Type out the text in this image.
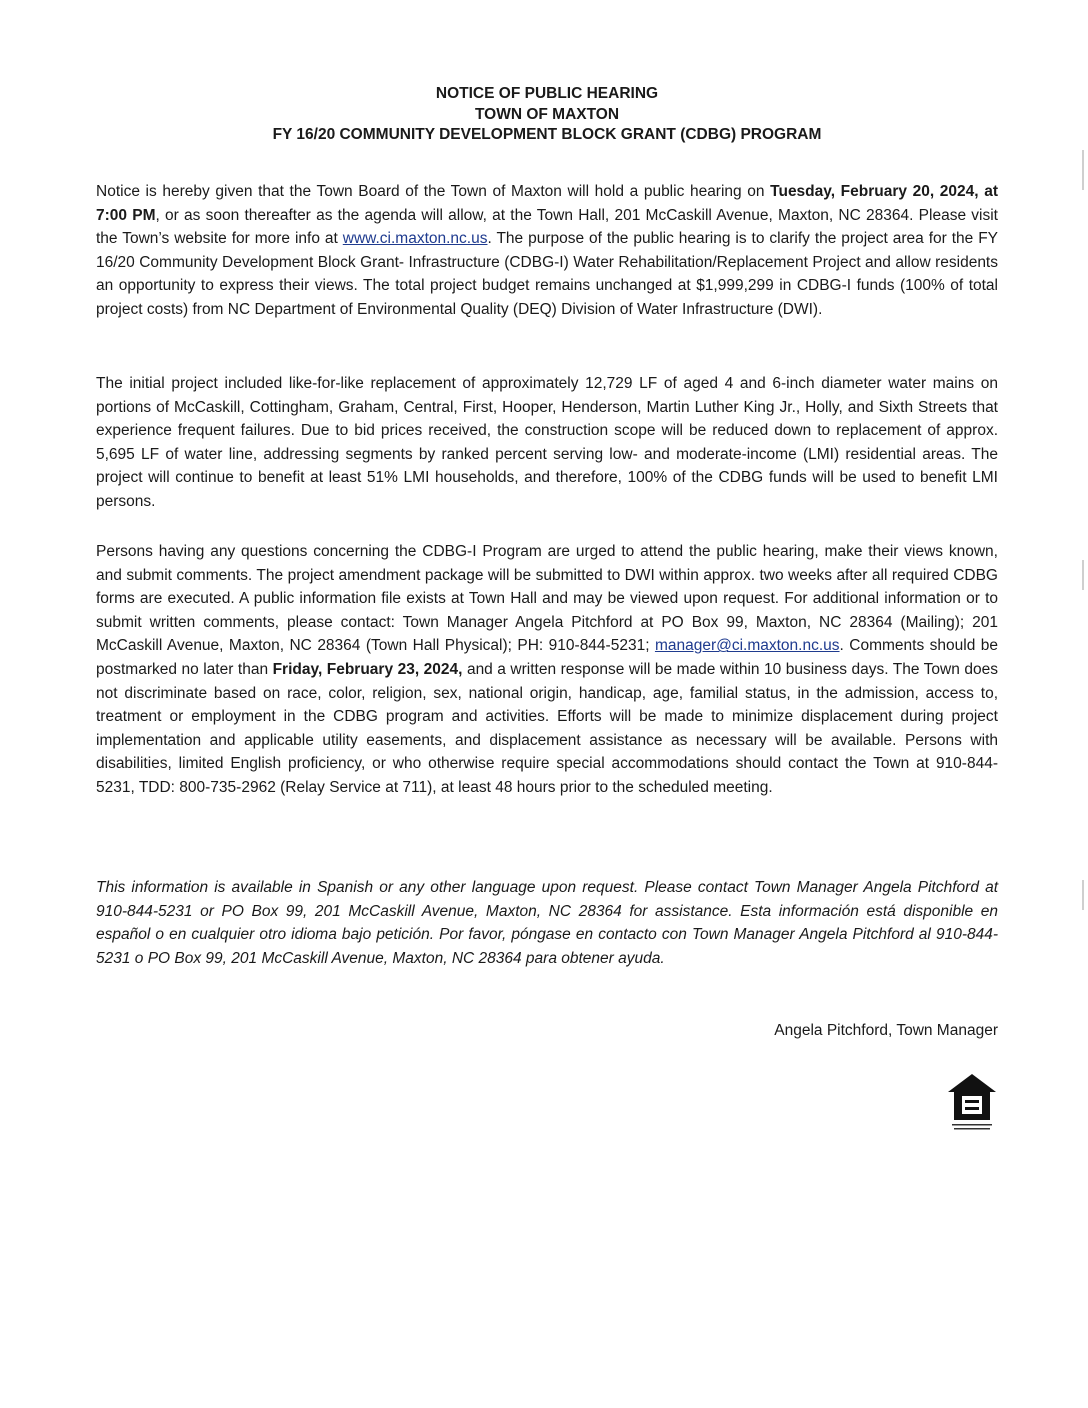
NOTICE OF PUBLIC HEARING
TOWN OF MAXTON
FY 16/20 COMMUNITY DEVELOPMENT BLOCK GRANT (CDBG) PROGRAM

Notice is hereby given that the Town Board of the Town of Maxton will hold a public hearing on Tuesday, February 20, 2024, at 7:00 PM, or as soon thereafter as the agenda will allow, at the Town Hall, 201 McCaskill Avenue, Maxton, NC 28364. Please visit the Town’s website for more info at www.ci.maxton.nc.us. The purpose of the public hearing is to clarify the project area for the FY 16/20 Community Development Block Grant- Infrastructure (CDBG-I) Water Rehabilitation/Replacement Project and allow residents an opportunity to express their views. The total project budget remains unchanged at $1,999,299 in CDBG-I funds (100% of total project costs) from NC Department of Environmental Quality (DEQ) Division of Water Infrastructure (DWI).

The initial project included like-for-like replacement of approximately 12,729 LF of aged 4 and 6-inch diameter water mains on portions of McCaskill, Cottingham, Graham, Central, First, Hooper, Henderson, Martin Luther King Jr., Holly, and Sixth Streets that experience frequent failures. Due to bid prices received, the construction scope will be reduced down to replacement of approx. 5,695 LF of water line, addressing segments by ranked percent serving low- and moderate-income (LMI) residential areas. The project will continue to benefit at least 51% LMI households, and therefore, 100% of the CDBG funds will be used to benefit LMI persons.

Persons having any questions concerning the CDBG-I Program are urged to attend the public hearing, make their views known, and submit comments. The project amendment package will be submitted to DWI within approx. two weeks after all required CDBG forms are executed. A public information file exists at Town Hall and may be viewed upon request. For additional information or to submit written comments, please contact: Town Manager Angela Pitchford at PO Box 99, Maxton, NC 28364 (Mailing); 201 McCaskill Avenue, Maxton, NC 28364 (Town Hall Physical); PH: 910-844-5231; manager@ci.maxton.nc.us. Comments should be postmarked no later than Friday, February 23, 2024, and a written response will be made within 10 business days. The Town does not discriminate based on race, color, religion, sex, national origin, handicap, age, familial status, in the admission, access to, treatment or employment in the CDBG program and activities. Efforts will be made to minimize displacement during project implementation and applicable utility easements, and displacement assistance as necessary will be available. Persons with disabilities, limited English proficiency, or who otherwise require special accommodations should contact the Town at 910-844-5231, TDD: 800-735-2962 (Relay Service at 711), at least 48 hours prior to the scheduled meeting.

This information is available in Spanish or any other language upon request. Please contact Town Manager Angela Pitchford at 910-844-5231 or PO Box 99, 201 McCaskill Avenue, Maxton, NC 28364 for assistance. Esta información está disponible en español o en cualquier otro idioma bajo petición. Por favor, póngase en contacto con Town Manager Angela Pitchford al 910-844-5231 o PO Box 99, 201 McCaskill Avenue, Maxton, NC 28364 para obtener ayuda.

Angela Pitchford, Town Manager
